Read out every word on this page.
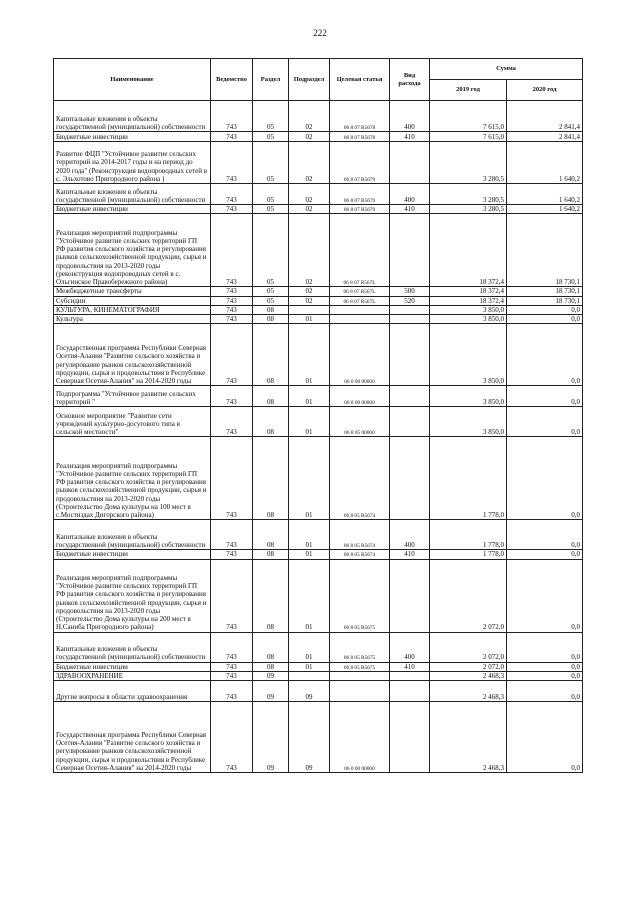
222
Наименование	Ведомство	Раздел	Подраздел	Целевая статья	Вид расхода	Сумма	
						2019 год	2020 год
Капитальные вложения в объекты государственной (муниципальной) собственности	743	05	02	06 8 07 R5678	400	7 615,0	2 841,4
Бюджетные инвестиции	743	05	02	06 8 07 R5678	410	7 615,0	2 841,4
Развитие ФЦП "Устойчивое развитие сельских территорий на 2014-2017 годы и на период до 2020 года" (Реконструкция водопроводных сетей в с. Эльхотово Пригородного района )	743	05	02	06 8 07 R5679		3 280,5	1 640,2
Капитальные вложения в объекты государственной (муниципальной) собственности	743	05	02	06 8 07 R5679	400	3 280,5	1 640,2
Бюджетные инвестиции	743	05	02	06 8 07 R5679	410	3 280,5	1 640,2
Реализация мероприятий подпрограммы "Устойчивое развитие сельских территорий ГП РФ развития сельского хозяйства и регулирования рынков сельскохозяйственной продукции, сырья и продовольствия на 2013-2020 годы (реконструкция водопроводных сетей в с. Ольгинское Правобережного района)	743	05	02	06 8 07 R567L		18 372,4	18 730,1
Межбюджетные трансферты	743	05	02	06 8 07 R567L	500	18 372,4	18 730,1
Субсидии	743	05	02	06 8 07 R567L	520	18 372,4	18 730,1
КУЛЬТУРА, КИНЕМАТОГРАФИЯ	743	08				3 850,0	0,0
Культура	743	08	01			3 850,0	0,0
Государственная программа Республики Северная Осетия-Алания "Развитие сельского хозяйства и регулирование рынков сельскохозяйственной продукции, сырья и продовольствия в Республике Северная Осетия-Алания" на 2014-2020 годы	743	08	01	06 0 00 00000		3 850,0	0,0
Подпрограмма "Устойчивое развитие сельских территорий "	743	08	01	06 8 00 00000		3 850,0	0,0
Основное мероприятие "Развитие сети учреждений культурно-досугового типа в сельской местности"	743	08	01	06 8 05 00000		3 850,0	0,0
Реализация мероприятий подпрограммы "Устойчивое развитие сельских территорий ГП РФ развития сельского хозяйства и регулирования рынков сельскохозяйственной продукции, сырья и продовольствия на 2013-2020 годы (Строительство Дома культуры на 100 мест в с.Мостиздах Дигорского района)	743	08	01	06 8 05 R5674		1 778,0	0,0
Капитальные вложения в объекты государственной (муниципальной) собственности	743	08	01	06 8 05 R5674	400	1 778,0	0,0
Бюджетные инвестиции	743	08	01	06 8 05 R5674	410	1 778,0	0,0
Реализация мероприятий подпрограммы "Устойчивое развитие сельских территорий ГП РФ развития сельского хозяйства и регулирования рынков сельскохозяйственной продукции, сырья и продовольствия на 2013-2020 годы (Строительство Дома культуры на 200 мест в Н.Саниба Пригородного района)	743	08	01	06 8 05 R5675		2 072,0	0,0
Капитальные вложения в объекты государственной (муниципальной) собственности	743	08	01	06 8 05 R5675	400	2 072,0	0,0
Бюджетные инвестиции	743	08	01	06 8 05 R5675	410	2 072,0	0,0
ЗДРАВООХРАНЕНИЕ	743	09				2 468,3	0,0
Другие вопросы в области здравоохранения	743	09	09			2 468,3	0,0
Государственная программа Республики Северная Осетия-Алания "Развитие сельского хозяйства и регулирование рынков сельскохозяйственной продукции, сырья и продовольствия в Республике Северная Осетия-Алания" на 2014-2020 годы	743	09	09	06 0 00 00000		2 468,3	0,0
